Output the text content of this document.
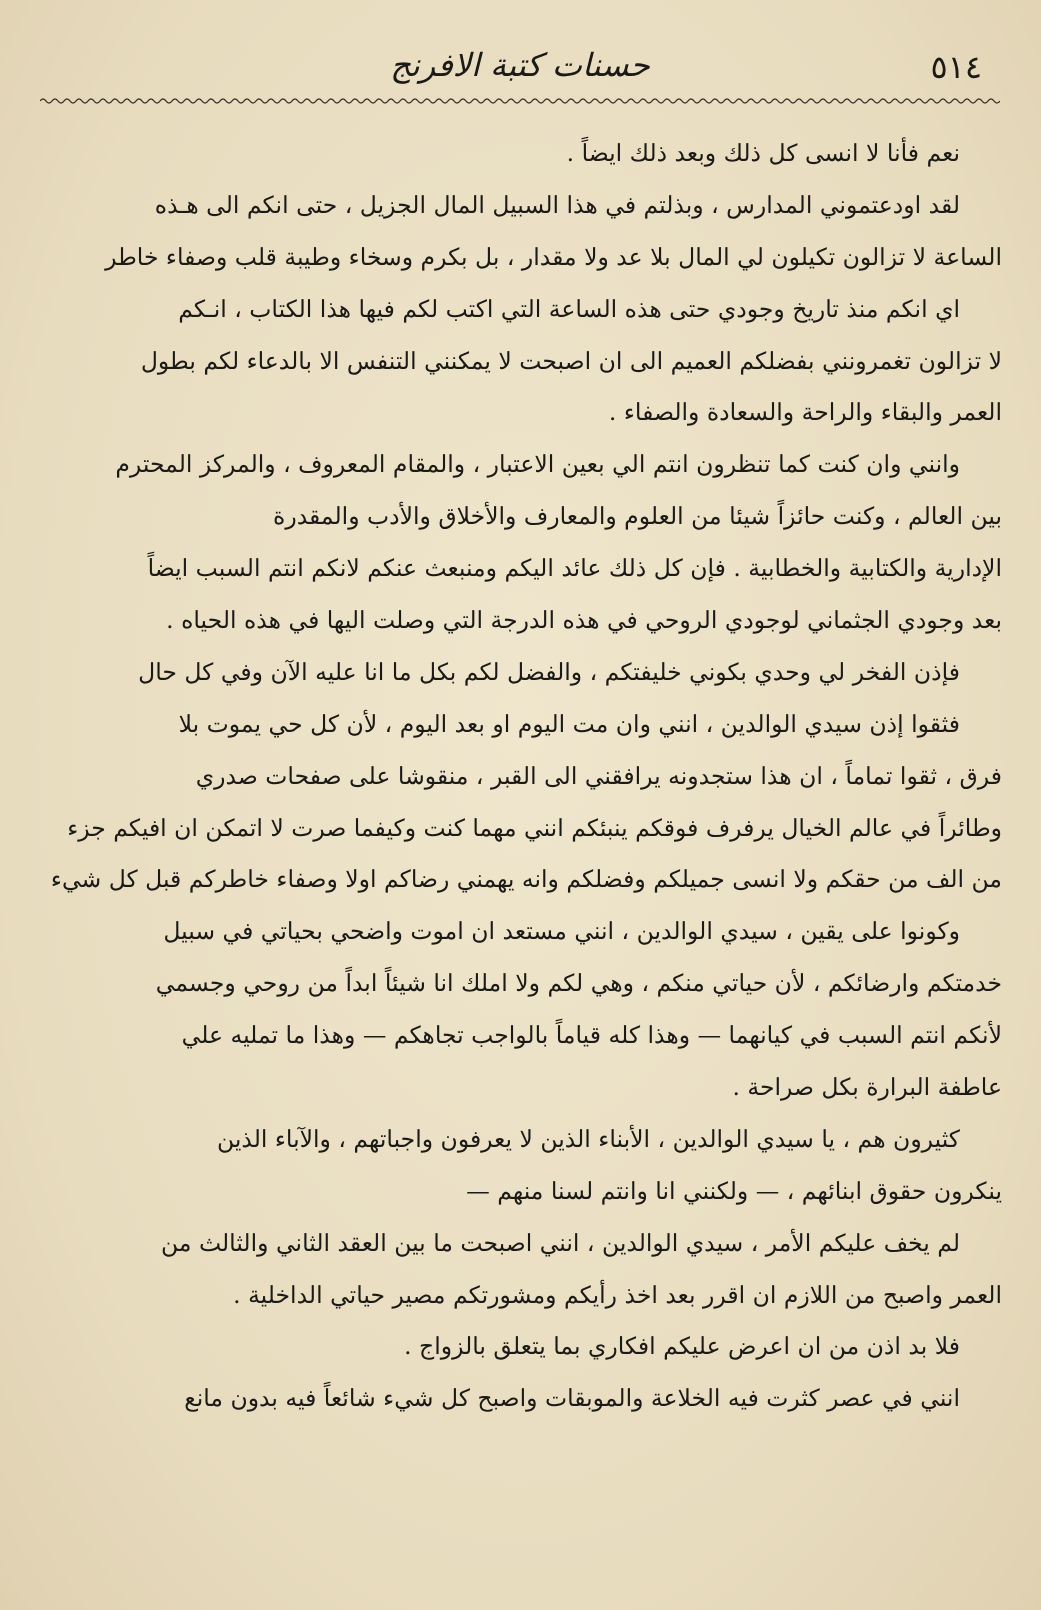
٥١٤
حسنات كتبة الافرنج
نعم فأنا لا انسى كل ذلك وبعد ذلك ايضاً .
لقد اودعتموني المدارس ، وبذلتم في هذا السبيل المال الجزيل ، حتى انكم الى هـذه
الساعة لا تزالون تكيلون لي المال بلا عد ولا مقدار ، بل بكرم وسخاء وطيبة قلب وصفاء خاطر
اي انكم منذ تاريخ وجودي حتى هذه الساعة التي اكتب لكم فيها هذا الكتاب ، انـكم
لا تزالون تغمرونني بفضلكم العميم الى ان اصبحت لا يمكنني التنفس الا بالدعاء لكم بطول
العمر والبقاء والراحة والسعادة والصفاء .
وانني وان كنت كما تنظرون انتم الي بعين الاعتبار ، والمقام المعروف ، والمركز المحترم
بين العالم ، وكنت حائزاً شيئا من العلوم والمعارف والأخلاق والأدب والمقدرة
الإدارية والكتابية والخطابية . فإن كل ذلك عائد اليكم ومنبعث عنكم لانكم انتم السبب ايضاً
بعد وجودي الجثماني لوجودي الروحي في هذه الدرجة التي وصلت اليها في هذه الحياه .
فإذن الفخر لي وحدي بكوني خليفتكم ، والفضل لكم بكل ما انا عليه الآن وفي كل حال
فثقوا إذن سيدي الوالدين ، انني وان مت اليوم او بعد اليوم ، لأن كل حي يموت بلا
فرق ، ثقوا تماماً ، ان هذا ستجدونه يرافقني الى القبر ، منقوشا على صفحات صدري
وطائراً في عالم الخيال يرفرف فوقكم ينبئكم انني مهما كنت وكيفما صرت لا اتمكن ان افيكم جزء
من الف من حقكم ولا انسى جميلكم وفضلكم وانه يهمني رضاكم اولا وصفاء خاطركم قبل كل شيء
وكونوا على يقين ، سيدي الوالدين ، انني مستعد ان اموت واضحي بحياتي في سبيل
خدمتكم وارضائكم ، لأن حياتي منكم ، وهي لكم ولا املك انا شيئاً ابداً من روحي وجسمي
لأنكم انتم السبب في كيانهما — وهذا كله قياماً بالواجب تجاهكم — وهذا ما تمليه علي
عاطفة البرارة بكل صراحة .
كثيرون هم ، يا سيدي الوالدين ، الأبناء الذين لا يعرفون واجباتهم ، والآباء الذين
ينكرون حقوق ابنائهم ، — ولكنني انا وانتم لسنا منهم —
لم يخف عليكم الأمر ، سيدي الوالدين ، انني اصبحت ما بين العقد الثاني والثالث من
العمر واصبح من اللازم ان اقرر بعد اخذ رأيكم ومشورتكم مصير حياتي الداخلية .
فلا بد اذن من ان اعرض عليكم افكاري بما يتعلق بالزواج .
انني في عصر كثرت فيه الخلاعة والموبقات واصبح كل شيء شائعاً فيه بدون مانع
